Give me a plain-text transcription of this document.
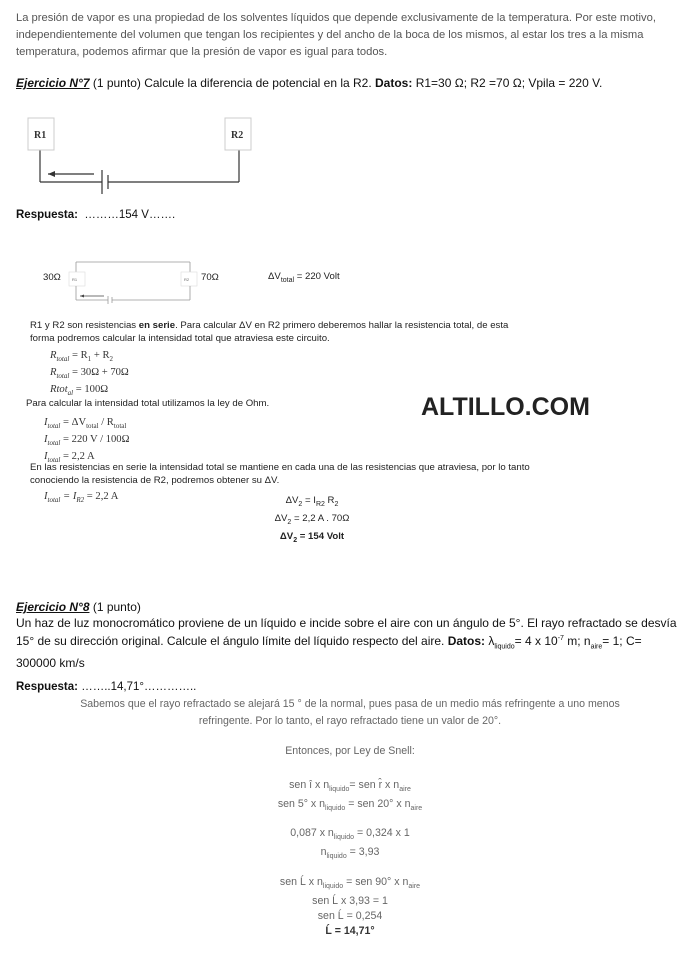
La presión de vapor es una propiedad de los solventes líquidos que depende exclusivamente de la temperatura. Por este motivo, independientemente del volumen que tengan los recipientes y del ancho de la boca de los mismos, al estar los tres a la misma temperatura, podemos afirmar que la presión de vapor es igual para todos.
Ejercicio N°7 (1 punto) Calcule la diferencia de potencial en la R2. Datos: R1=30 Ω; R2 =70 Ω; Vpila = 220 V.
R1	R2
Respuesta: ………154 V…….
30Ω	R1	R2 70Ω	$\Delta V_{total} = 220$ Volt
R1 y R2 son resistencias en serie. Para calcular ΔV en R2 primero deberemos hallar la resistencia total, de esta
forma podremos calcular la intensidad total que atraviesa este circuito.
$R_{total} = R_1 + R_2$
$R_{total} = 30\Omega + 70\Omega$
Rtot$_{al}$ = 100Ω
Para calcular la intensidad total utilizamos la ley de Ohm.	ALTILLO.COM
$I_{total} = \Delta V_{total} / R_{total}$
$I_{total} = 220$ V / 100Ω
$I_{total} = 2,2$ A
En las resistencias en serie la intensidad total se mantiene en cada una de las resistencias que atraviesa, por lo tanto
conociendo la resistencia de R2, podremos obtener su ΔV.
$I_{total} = I_{R2} = 2,2$ A	$\Delta V_2 = I_{R2}$ $R_2$
$\Delta V_2 = 2,2$ A . 70Ω
$\Delta V_2 = 154$ Volt
Ejercicio N°8 (1 punto)
Un haz de luz monocromático proviene de un líquido e incide sobre el aire con un ángulo de 5°. El rayo refractado se desvía
15° de su dirección original. Calcule el ángulo límite del líquido respecto del aire. Datos: $\lambda_{liquido}= 4$ x $10^{-7}$ m; $n_{aire}= 1$; C=
300000 km/s
Respuesta: ……..14,71°…………..
Sabemos que el rayo refractado se alejará 15 ° de la normal, pues pasa de un medio más refringente a uno menos
refringente. Por lo tanto, el rayo refractado tiene un valor de 20°.
Entonces, por Ley de Snell:
sen î x $n_{liquido}=$ sen r̂ x $n_{aire}$
sen 5° x $n_{liquido}$ = sen 20° x $n_{aire}$
0,087 x $n_{liquido} = 0,324$ x 1
$n_{liquido} = 3,93$
sen Ĺ x $n_{liquido}$ = sen 90° x $n_{aire}$
sen Ĺ x 3,93 = 1
sen Ĺ = 0,254
Ĺ = 14,71°
